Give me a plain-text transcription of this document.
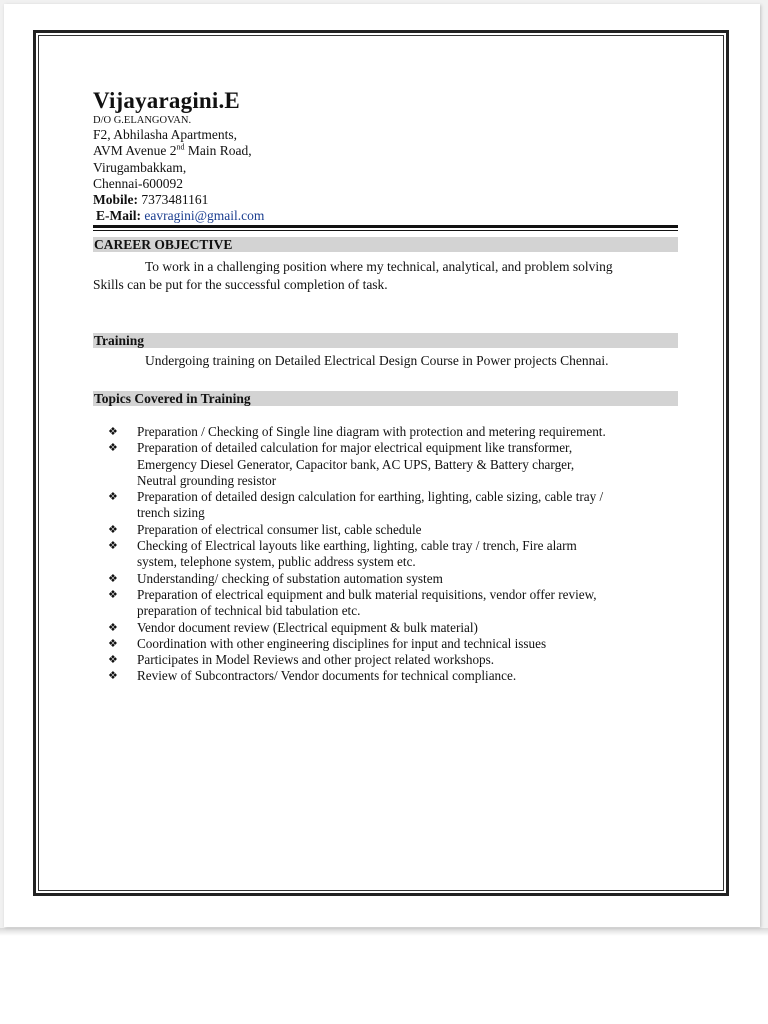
Vijayaragini.E
D/O G.ELANGOVAN.
F2, Abhilasha Apartments,
AVM Avenue 2nd Main Road,
Virugambakkam,
Chennai-600092
Mobile: 7373481161
E-Mail: eavragini@gmail.com
CAREER OBJECTIVE
To work in a challenging position where my technical, analytical, and problem solving
Skills can be put for the successful completion of task.
Training
Undergoing training on Detailed Electrical Design Course in Power projects Chennai.
Topics Covered in Training
❖ Preparation / Checking of Single line diagram with protection and metering requirement.
❖ Preparation of detailed calculation for major electrical equipment like transformer,
Emergency Diesel Generator, Capacitor bank, AC UPS, Battery & Battery charger,
Neutral grounding resistor
❖ Preparation of detailed design calculation for earthing, lighting, cable sizing, cable tray /
trench sizing
❖ Preparation of electrical consumer list, cable schedule
❖ Checking of Electrical layouts like earthing, lighting, cable tray / trench, Fire alarm
system, telephone system, public address system etc.
❖ Understanding/ checking of substation automation system
❖ Preparation of electrical equipment and bulk material requisitions, vendor offer review,
preparation of technical bid tabulation etc.
❖ Vendor document review (Electrical equipment & bulk material)
❖ Coordination with other engineering disciplines for input and technical issues
❖ Participates in Model Reviews and other project related workshops.
❖ Review of Subcontractors/ Vendor documents for technical compliance.
